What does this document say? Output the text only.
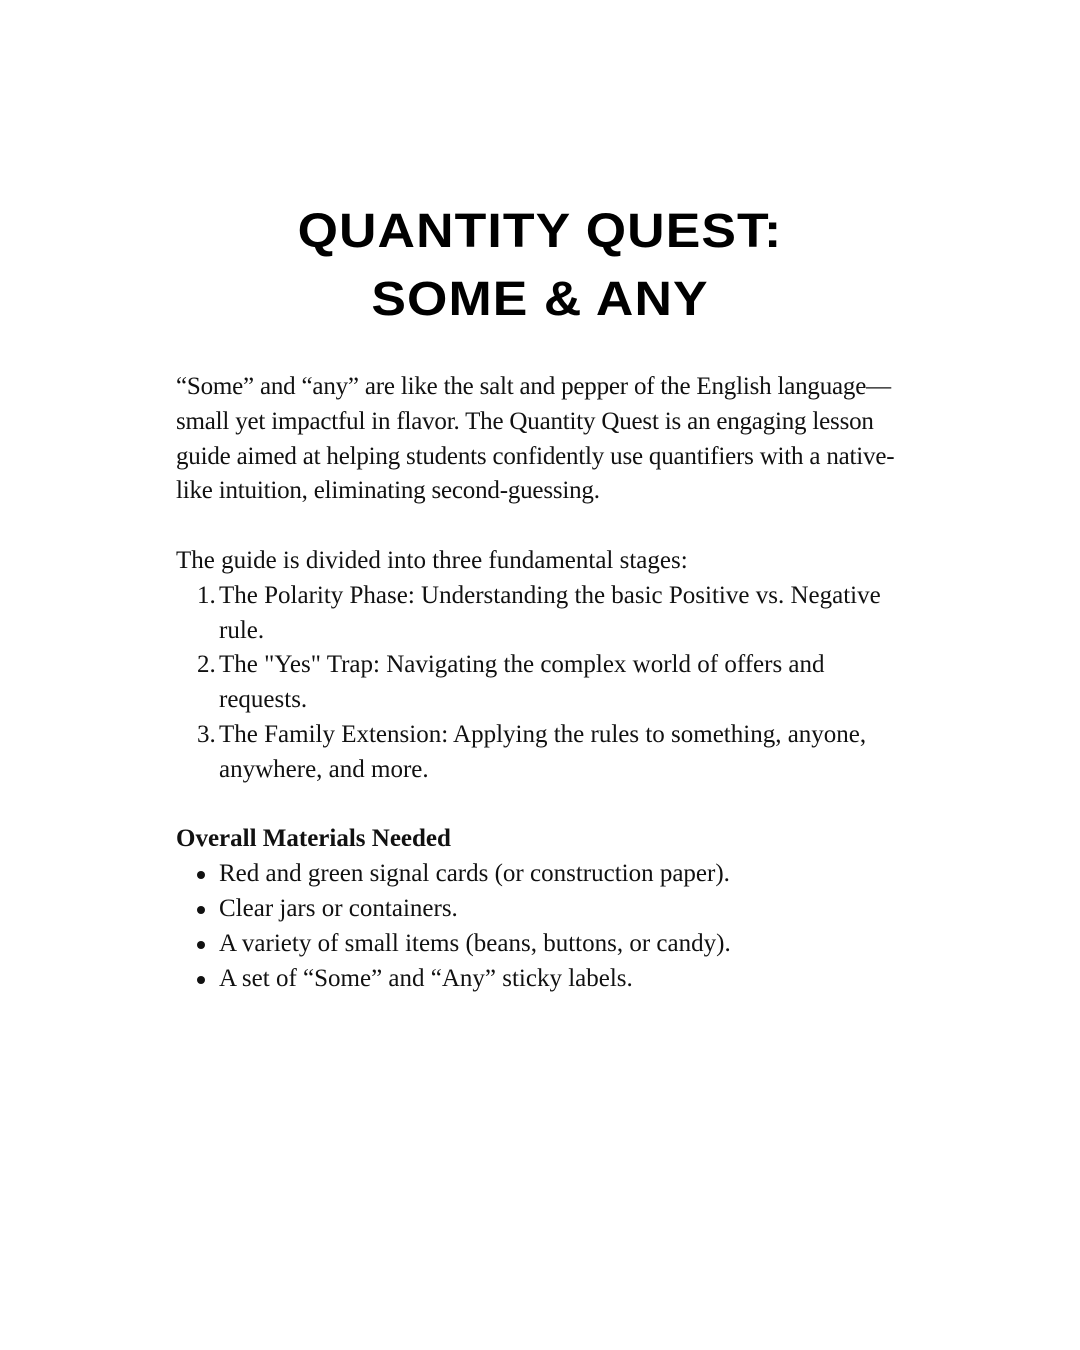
QUANTITY QUEST:
SOME & ANY

“Some” and “any” are like the salt and pepper of the English language—small yet impactful in flavor. The Quantity Quest is an engaging lesson guide aimed at helping students confidently use quantifiers with a native-like intuition, eliminating second-guessing.

The guide is divided into three fundamental stages:

1. The Polarity Phase: Understanding the basic Positive vs. Negative rule.
2. The "Yes" Trap: Navigating the complex world of offers and requests.
3. The Family Extension: Applying the rules to something, anyone, anywhere, and more.

Overall Materials Needed

Red and green signal cards (or construction paper).
Clear jars or containers.
A variety of small items (beans, buttons, or candy).
A set of “Some” and “Any” sticky labels.
